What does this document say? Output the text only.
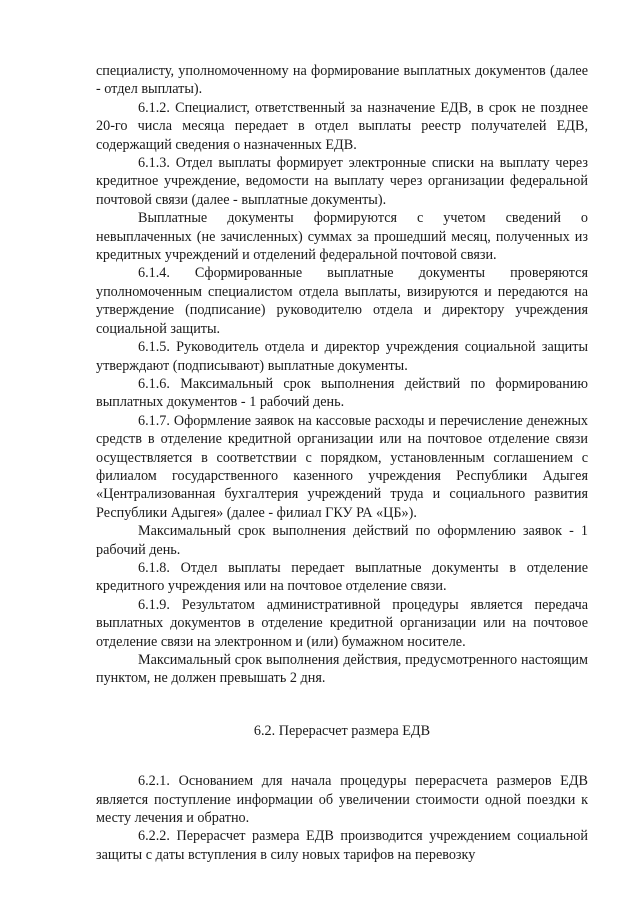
специалисту, уполномоченному на формирование выплатных документов (далее - отдел выплаты).

6.1.2. Специалист, ответственный за назначение ЕДВ, в срок не позднее 20-го числа месяца передает в отдел выплаты реестр получателей ЕДВ, содержащий сведения о назначенных ЕДВ.

6.1.3. Отдел выплаты формирует электронные списки на выплату через кредитное учреждение, ведомости на выплату через организации федеральной почтовой связи (далее - выплатные документы).

Выплатные документы формируются с учетом сведений о невыплаченных (не зачисленных) суммах за прошедший месяц, полученных из кредитных учреждений и отделений федеральной почтовой связи.

6.1.4. Сформированные выплатные документы проверяются уполномоченным специалистом отдела выплаты, визируются и передаются на утверждение (подписание) руководителю отдела и директору учреждения социальной защиты.

6.1.5. Руководитель отдела и директор учреждения социальной защиты утверждают (подписывают) выплатные документы.

6.1.6. Максимальный срок выполнения действий по формированию выплатных документов - 1 рабочий день.

6.1.7. Оформление заявок на кассовые расходы и перечисление денежных средств в отделение кредитной организации или на почтовое отделение связи осуществляется в соответствии с порядком, установленным соглашением с филиалом государственного казенного учреждения Республики Адыгея «Централизованная бухгалтерия учреждений труда и социального развития Республики Адыгея» (далее - филиал ГКУ РА «ЦБ»).

Максимальный срок выполнения действий по оформлению заявок - 1 рабочий день.

6.1.8. Отдел выплаты передает выплатные документы в отделение кредитного учреждения или на почтовое отделение связи.

6.1.9. Результатом административной процедуры является передача выплатных документов в отделение кредитной организации или на почтовое отделение связи на электронном и (или) бумажном носителе.

Максимальный срок выполнения действия, предусмотренного настоящим пунктом, не должен превышать 2 дня.

6.2. Перерасчет размера ЕДВ

6.2.1. Основанием для начала процедуры перерасчета размеров ЕДВ является поступление информации об увеличении стоимости одной поездки к месту лечения и обратно.

6.2.2. Перерасчет размера ЕДВ производится учреждением социальной защиты с даты вступления в силу новых тарифов на перевозку
